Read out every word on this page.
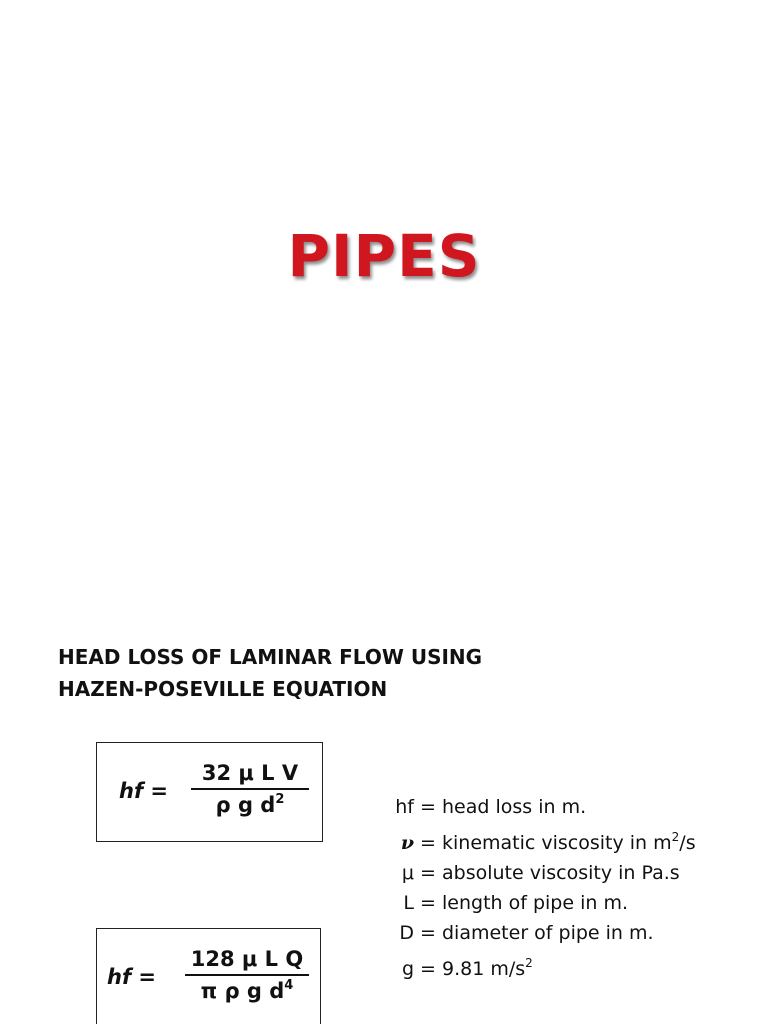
PIPES
HEAD LOSS OF LAMINAR FLOW USING
HAZEN-POSEVILLE EQUATION
hf =
32 μ L V
ρ g $d^2$
hf =
128 μ L Q
π ρ g $d^4$
hf = head loss in m.
ν = kinematic viscosity in $m^2/s$
μ = absolute viscosity in Pa.s
L = length of pipe in m.
D = diameter of pipe in m.
g = 9.81 $m/s^2$
